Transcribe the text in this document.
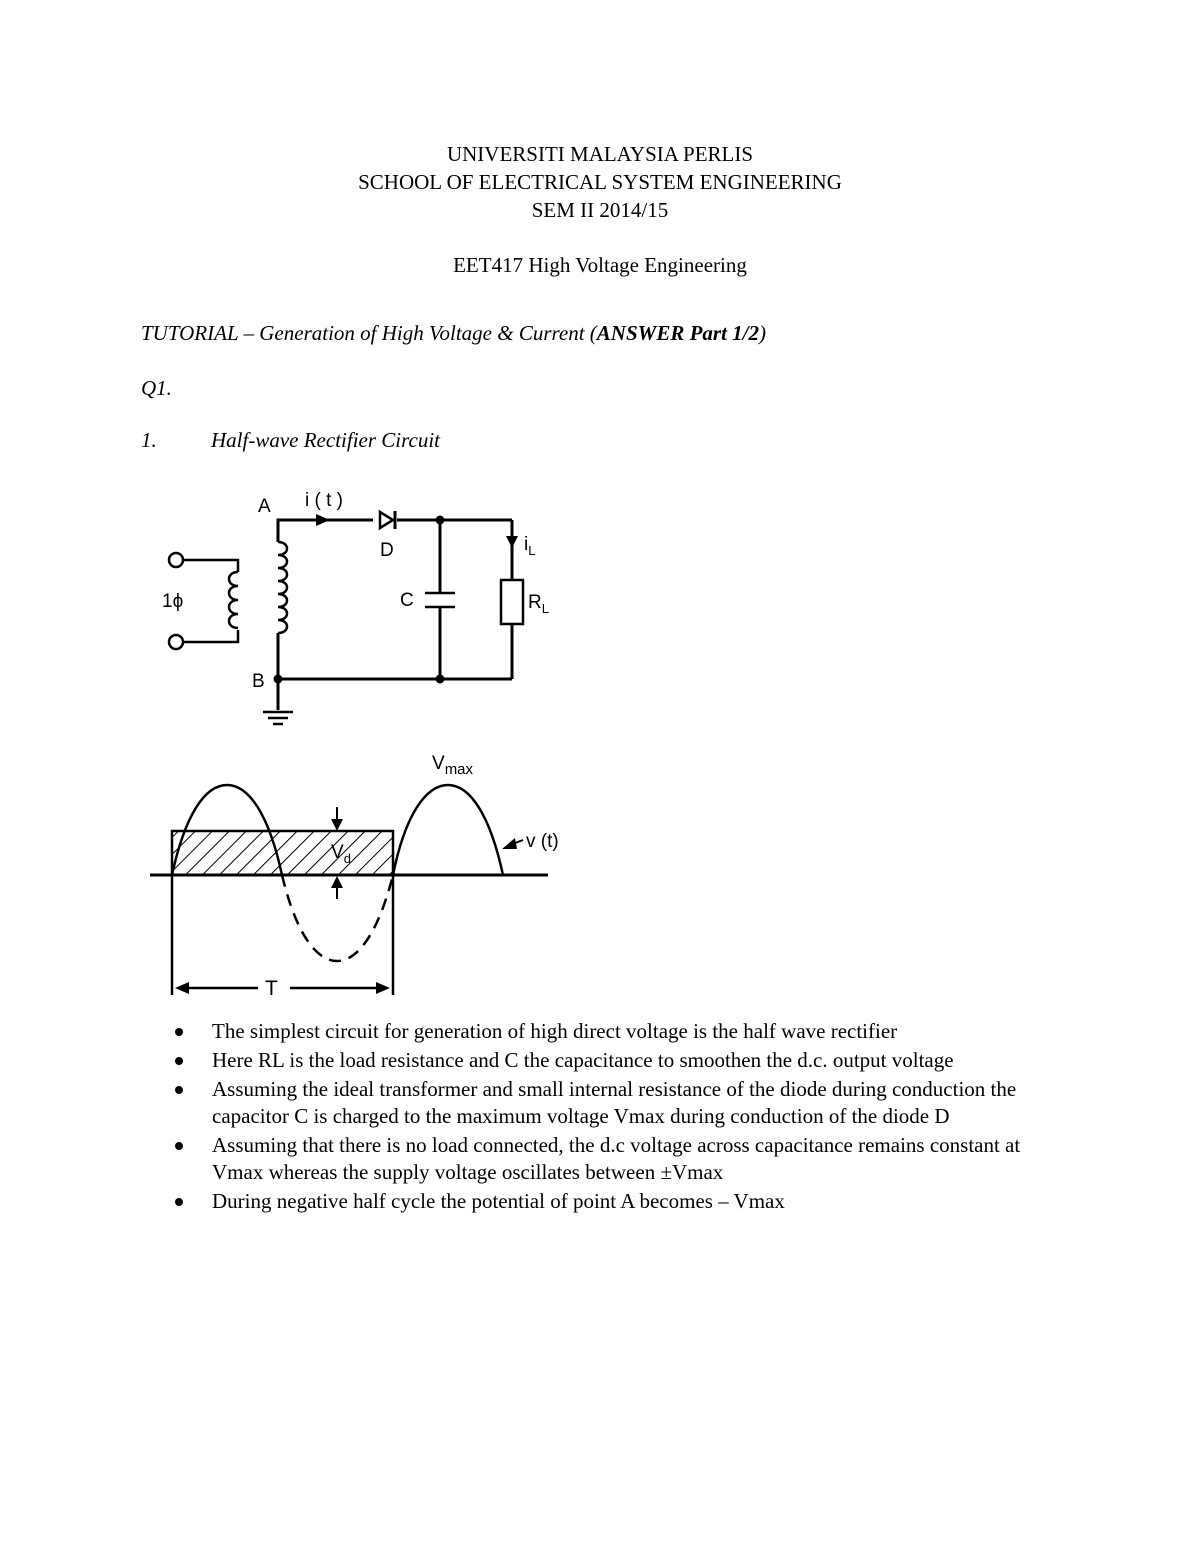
UNIVERSITI MALAYSIA PERLIS
SCHOOL OF ELECTRICAL SYSTEM ENGINEERING
SEM II 2014/15
EET417 High Voltage Engineering
TUTORIAL – Generation of High Voltage & Current (ANSWER Part 1/2)
Q1.
1.	Half-wave Rectifier Circuit
A i ( t )
D
C
1ϕ
B
$i_L$
$R_L$
$V_{max}$
v (t)
$V_d$
T
The simplest circuit for generation of high direct voltage is the half wave rectifier
Here RL is the load resistance and C the capacitance to smoothen the d.c. output voltage
Assuming the ideal transformer and small internal resistance of the diode during conduction the capacitor C is charged to the maximum voltage Vmax during conduction of the diode D
Assuming that there is no load connected, the d.c voltage across capacitance remains constant at Vmax whereas the supply voltage oscillates between ±Vmax
During negative half cycle the potential of point A becomes – Vmax
